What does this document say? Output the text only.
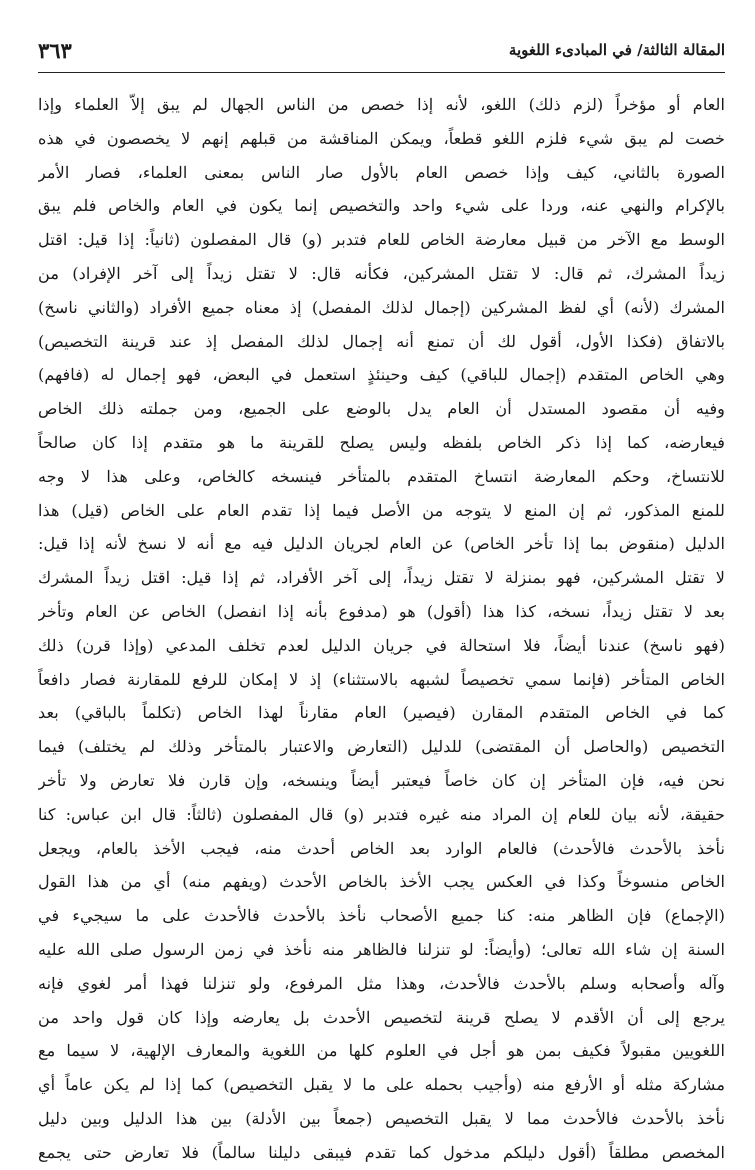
المقالة الثالثة/ في المبادىء اللغوية
٣٦٣
العام أو مؤخراً (لزم ذلك) اللغو، لأنه إذا خصص من الناس الجهال لم يبق إلاّ العلماء وإذا
خصت لم يبق شيء فلزم اللغو قطعاً، ويمكن المناقشة من قبلهم إنهم لا يخصصون في هذه
الصورة بالثاني، كيف وإذا خصص العام بالأول صار الناس بمعنى العلماء، فصار الأمر
بالإكرام والنهي عنه، وردا على شيء واحد والتخصيص إنما يكون في العام والخاص فلم يبق
الوسط مع الآخر من قبيل معارضة الخاص للعام فتدبر (و) قال المفصلون (ثانياً: إذا قيل: اقتل
زيداً المشرك، ثم قال: لا تقتل المشركين، فكأنه قال: لا تقتل زيداً إلى آخر الإفراد) من
المشرك (لأنه) أي لفظ المشركين (إجمال لذلك المفصل) إذ معناه جميع الأفراد (والثاني ناسخ)
بالاتفاق (فكذا الأول، أقول لك أن تمنع أنه إجمال لذلك المفصل إذ عند قرينة التخصيص)
وهي الخاص المتقدم (إجمال للباقي) كيف وحينئذٍ استعمل في البعض، فهو إجمال له (فافهم)
وفيه أن مقصود المستدل أن العام يدل بالوضع على الجميع، ومن جملته ذلك الخاص
فيعارضه، كما إذا ذكر الخاص بلفظه وليس يصلح للقرينة ما هو متقدم إذا كان صالحاً
للانتساخ، وحكم المعارضة انتساخ المتقدم بالمتأخر فينسخه كالخاص، وعلى هذا لا وجه
للمنع المذكور، ثم إن المنع لا يتوجه من الأصل فيما إذا تقدم العام على الخاص (قيل) هذا
الدليل (منقوض بما إذا تأخر الخاص) عن العام لجريان الدليل فيه مع أنه لا نسخ لأنه إذا قيل:
لا تقتل المشركين، فهو بمنزلة لا تقتل زيداً، إلى آخر الأفراد، ثم إذا قيل: اقتل زيداً المشرك
بعد لا تقتل زيداً، نسخه، كذا هذا (أقول) هو (مدفوع بأنه إذا انفصل) الخاص عن العام وتأخر
(فهو ناسخ) عندنا أيضاً، فلا استحالة في جريان الدليل لعدم تخلف المدعي (وإذا قرن) ذلك
الخاص المتأخر (فإنما سمي تخصيصاً لشبهه بالاستثناء) إذ لا إمكان للرفع للمقارنة فصار دافعاً
كما في الخاص المتقدم المقارن (فيصير) العام مقارناً لهذا الخاص (تكلماً بالباقي) بعد
التخصيص (والحاصل أن المقتضى) للدليل (التعارض والاعتبار بالمتأخر وذلك لم يختلف) فيما
نحن فيه، فإن المتأخر إن كان خاصاً فيعتبر أيضاً وينسخه، وإن قارن فلا تعارض ولا تأخر
حقيقة، لأنه بيان للعام إن المراد منه غيره فتدبر (و) قال المفصلون (ثالثاً: قال ابن عباس: كنا
نأخذ بالأحدث فالأحدث) فالعام الوارد بعد الخاص أحدث منه، فيجب الأخذ بالعام، ويجعل
الخاص منسوخاً وكذا في العكس يجب الأخذ بالخاص الأحدث (ويفهم منه) أي من هذا القول
(الإجماع) فإن الظاهر منه: كنا جميع الأصحاب نأخذ بالأحدث فالأحدث على ما سيجيء في
السنة إن شاء الله تعالى؛ (وأيضاً: لو تنزلنا فالظاهر منه نأخذ في زمن الرسول صلى الله عليه
وآله وأصحابه وسلم بالأحدث فالأحدث، وهذا مثل المرفوع، ولو تنزلنا فهذا أمر لغوي فإنه
يرجع إلى أن الأقدم لا يصلح قرينة لتخصيص الأحدث بل يعارضه وإذا كان قول واحد من
اللغويين مقبولاً فكيف بمن هو أجل في العلوم كلها من اللغوية والمعارف الإلهية، لا سيما مع
مشاركة مثله أو الأرفع منه (وأجيب بحمله على ما لا يقبل التخصيص) كما إذا لم يكن عاماً أي
نأخذ بالأحدث فالأحدث مما لا يقبل التخصيص (جمعاً بين الأدلة) بين هذا الدليل وبين دليل
المخصص مطلقاً (أقول دليلكم مدخول كما تقدم فيبقى دليلنا سالماً) فلا تعارض حتى يجمع
